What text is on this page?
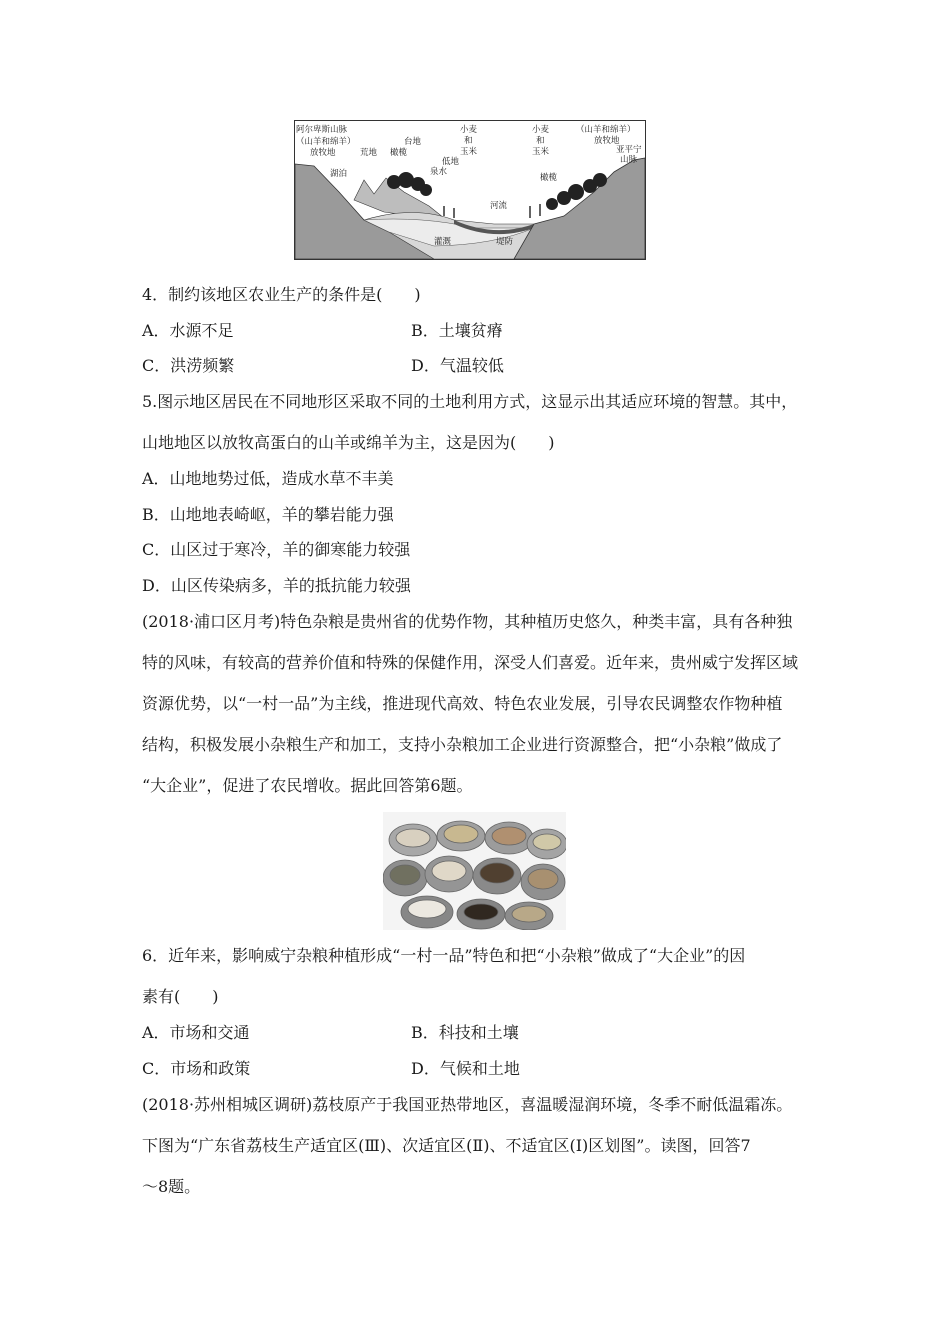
阿尔卑斯山脉
（山羊和绵羊）
放牧地	荒地 橄榄
台地
小麦
和
玉米
低地
泉水
湖泊
河流
灌溉	堤防
小麦
和
玉米
橄榄
（山羊和绵羊）
放牧地
亚平宁
山脉
4．制约该地区农业生产的条件是(　　)
A．水源不足	B．土壤贫瘠
C．洪涝频繁	D．气温较低
5.图示地区居民在不同地形区采取不同的土地利用方式，这显示出其适应环境的智慧。其中，
山地地区以放牧高蛋白的山羊或绵羊为主，这是因为(　　)
A．山地地势过低，造成水草不丰美
B．山地地表崎岖，羊的攀岩能力强
C．山区过于寒冷，羊的御寒能力较强
D．山区传染病多，羊的抵抗能力较强
(2018·浦口区月考)特色杂粮是贵州省的优势作物，其种植历史悠久，种类丰富，具有各种独
特的风味，有较高的营养价值和特殊的保健作用，深受人们喜爱。近年来，贵州威宁发挥区域
资源优势，以“一村一品”为主线，推进现代高效、特色农业发展，引导农民调整农作物种植
结构，积极发展小杂粮生产和加工，支持小杂粮加工企业进行资源整合，把“小杂粮”做成了
“大企业”，促进了农民增收。据此回答第6题。
6．近年来，影响威宁杂粮种植形成“一村一品”特色和把“小杂粮”做成了“大企业”的因
素有(　　)
A．市场和交通	B．科技和土壤
C．市场和政策	D．气候和土地
(2018·苏州相城区调研)荔枝原产于我国亚热带地区，喜温暖湿润环境，冬季不耐低温霜冻。
下图为“广东省荔枝生产适宜区(Ⅲ)、次适宜区(Ⅱ)、不适宜区(Ⅰ)区划图”。读图，回答7
～8题。
